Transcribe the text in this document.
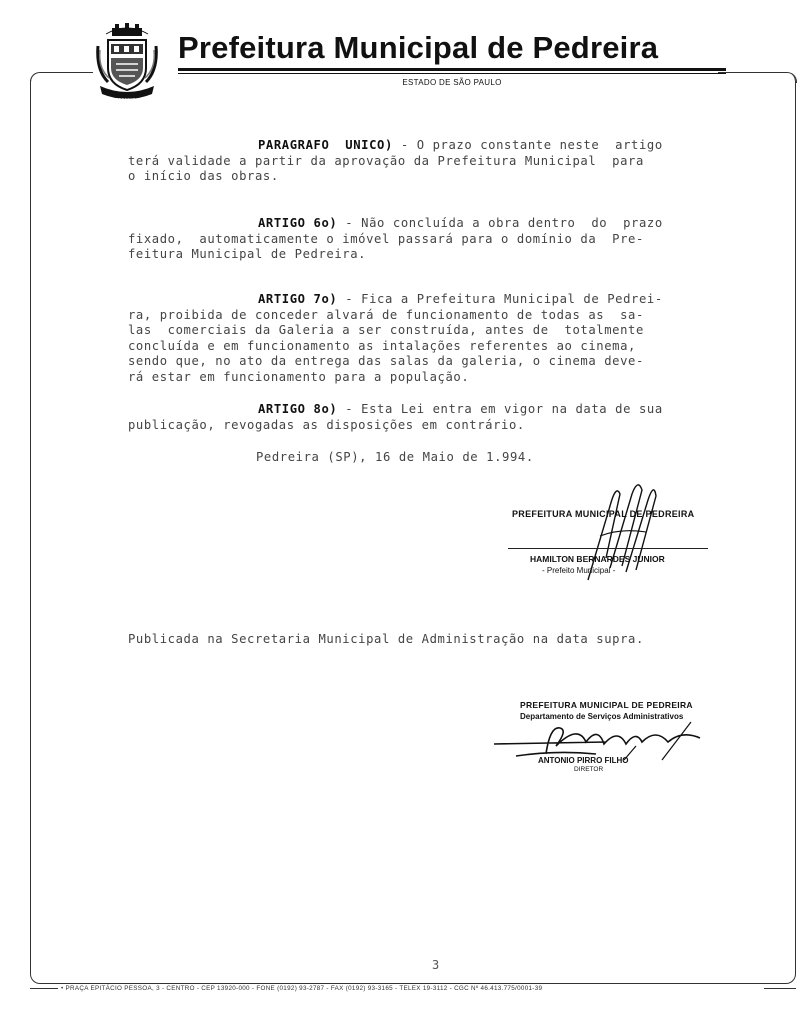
PEDREIRA
Prefeitura Municipal de Pedreira
ESTADO DE SÃO PAULO
PARAGRAFO  UNICO) - O prazo constante neste  artigo
terá validade a partir da aprovação da Prefeitura Municipal  para
o início das obras.
ARTIGO 6o) - Não concluída a obra dentro  do  prazo
fixado,  automaticamente o imóvel passará para o domínio da  Pre-
feitura Municipal de Pedreira.
ARTIGO 7o) - Fica a Prefeitura Municipal de Pedrei-
ra, proibida de conceder alvará de funcionamento de todas as  sa-
las  comerciais da Galeria a ser construída, antes de  totalmente
concluída e em funcionamento as intalações referentes ao cinema,
sendo que, no ato da entrega das salas da galeria, o cinema deve-
rá estar em funcionamento para a população.
ARTIGO 8o) - Esta Lei entra em vigor na data de sua
publicação, revogadas as disposições em contrário.
Pedreira (SP), 16 de Maio de 1.994.
PREFEITURA MUNICIPAL DE PEDREIRA
HAMILTON BERNARDES JUNIOR
- Prefeito Municipal -
Publicada na Secretaria Municipal de Administração na data supra.
PREFEITURA MUNICIPAL DE PEDREIRA
Departamento de Serviços Administrativos
ANTONIO PIRRO FILHO
DIRETOR
3
• PRAÇA EPITÁCIO PESSOA, 3 - CENTRO - CEP 13920-000 - FONE (0192) 93-2787 - FAX (0192) 93-3165 - TELEX 19-3112 - CGC Nº 46.413.775/0001-39
